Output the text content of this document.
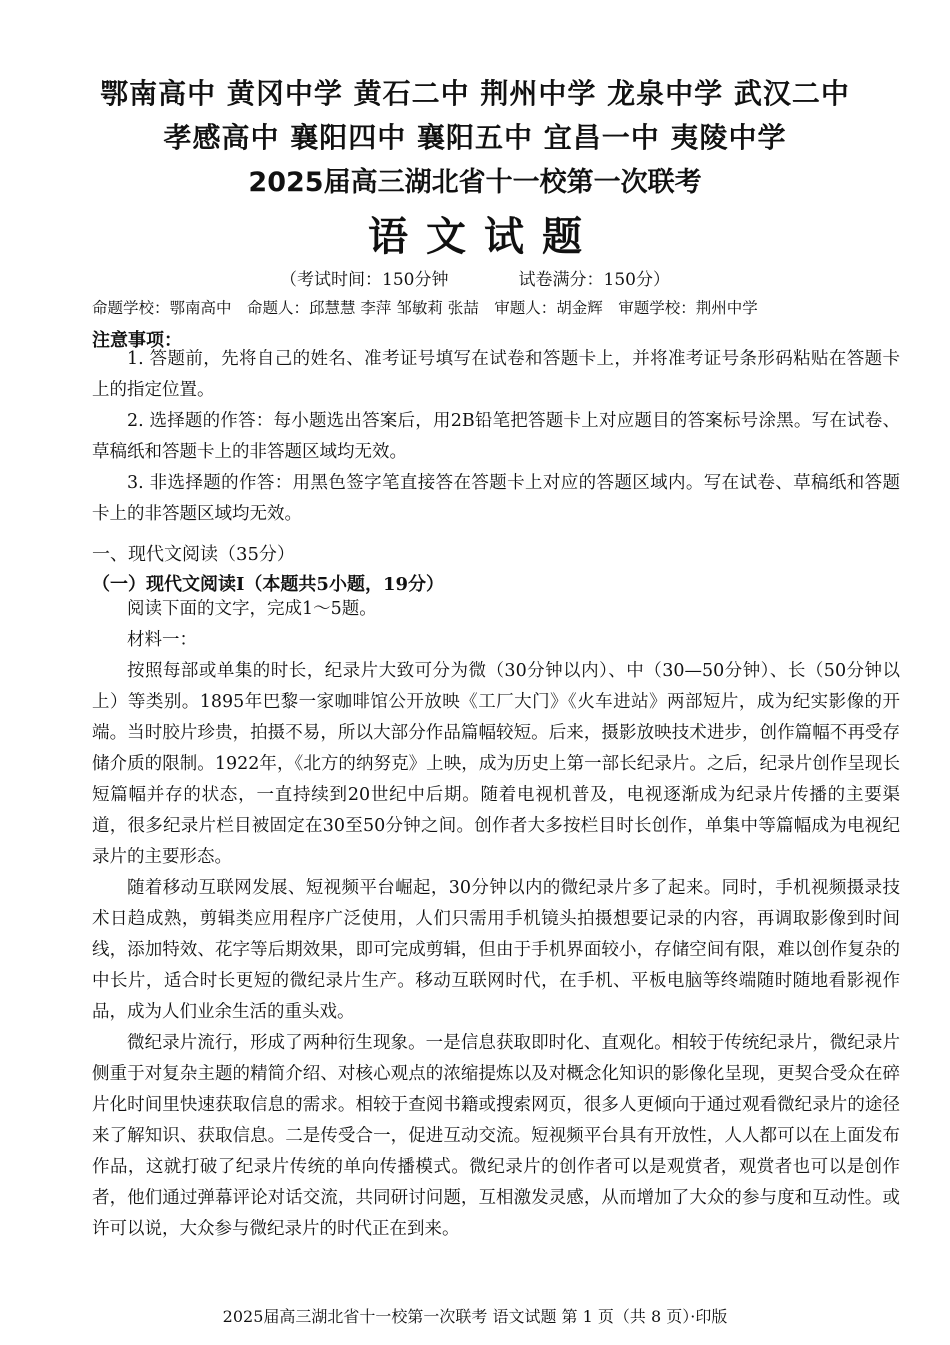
鄂南高中 黄冈中学 黄石二中 荆州中学 龙泉中学 武汉二中
孝感高中 襄阳四中 襄阳五中 宜昌一中 夷陵中学
2025届高三湖北省十一校第一次联考
语文试题
（考试时间：150分钟	试卷满分：150分）
命题学校：鄂南高中　命题人：邱慧慧 李萍 邹敏莉 张喆　审题人：胡金辉　审题学校：荆州中学
注意事项：

1. 答题前，先将自己的姓名、准考证号填写在试卷和答题卡上，并将准考证号条形码粘贴在答题卡上的指定位置。

2. 选择题的作答：每小题选出答案后，用2B铅笔把答题卡上对应题目的答案标号涂黑。写在试卷、草稿纸和答题卡上的非答题区域均无效。

3. 非选择题的作答：用黑色签字笔直接答在答题卡上对应的答题区域内。写在试卷、草稿纸和答题卡上的非答题区域均无效。

一、现代文阅读（35分）
（一）现代文阅读Ⅰ（本题共5小题，19分）

阅读下面的文字，完成1～5题。

材料一：

按照每部或单集的时长，纪录片大致可分为微（30分钟以内）、中（30—50分钟）、长（50分钟以上）等类别。1895年巴黎一家咖啡馆公开放映《工厂大门》《火车进站》两部短片，成为纪实影像的开端。当时胶片珍贵，拍摄不易，所以大部分作品篇幅较短。后来，摄影放映技术进步，创作篇幅不再受存储介质的限制。1922年，《北方的纳努克》上映，成为历史上第一部长纪录片。之后，纪录片创作呈现长短篇幅并存的状态，一直持续到20世纪中后期。随着电视机普及，电视逐渐成为纪录片传播的主要渠道，很多纪录片栏目被固定在30至50分钟之间。创作者大多按栏目时长创作，单集中等篇幅成为电视纪录片的主要形态。

随着移动互联网发展、短视频平台崛起，30分钟以内的微纪录片多了起来。同时，手机视频摄录技术日趋成熟，剪辑类应用程序广泛使用，人们只需用手机镜头拍摄想要记录的内容，再调取影像到时间线，添加特效、花字等后期效果，即可完成剪辑，但由于手机界面较小，存储空间有限，难以创作复杂的中长片，适合时长更短的微纪录片生产。移动互联网时代，在手机、平板电脑等终端随时随地看影视作品，成为人们业余生活的重头戏。

微纪录片流行，形成了两种衍生现象。一是信息获取即时化、直观化。相较于传统纪录片，微纪录片侧重于对复杂主题的精简介绍、对核心观点的浓缩提炼以及对概念化知识的影像化呈现，更契合受众在碎片化时间里快速获取信息的需求。相较于查阅书籍或搜索网页，很多人更倾向于通过观看微纪录片的途径来了解知识、获取信息。二是传受合一，促进互动交流。短视频平台具有开放性，人人都可以在上面发布作品，这就打破了纪录片传统的单向传播模式。微纪录片的创作者可以是观赏者，观赏者也可以是创作者，他们通过弹幕评论对话交流，共同研讨问题，互相激发灵感，从而增加了大众的参与度和互动性。或许可以说，大众参与微纪录片的时代正在到来。

2025届高三湖北省十一校第一次联考 语文试题 第 1 页（共 8 页）·印版
